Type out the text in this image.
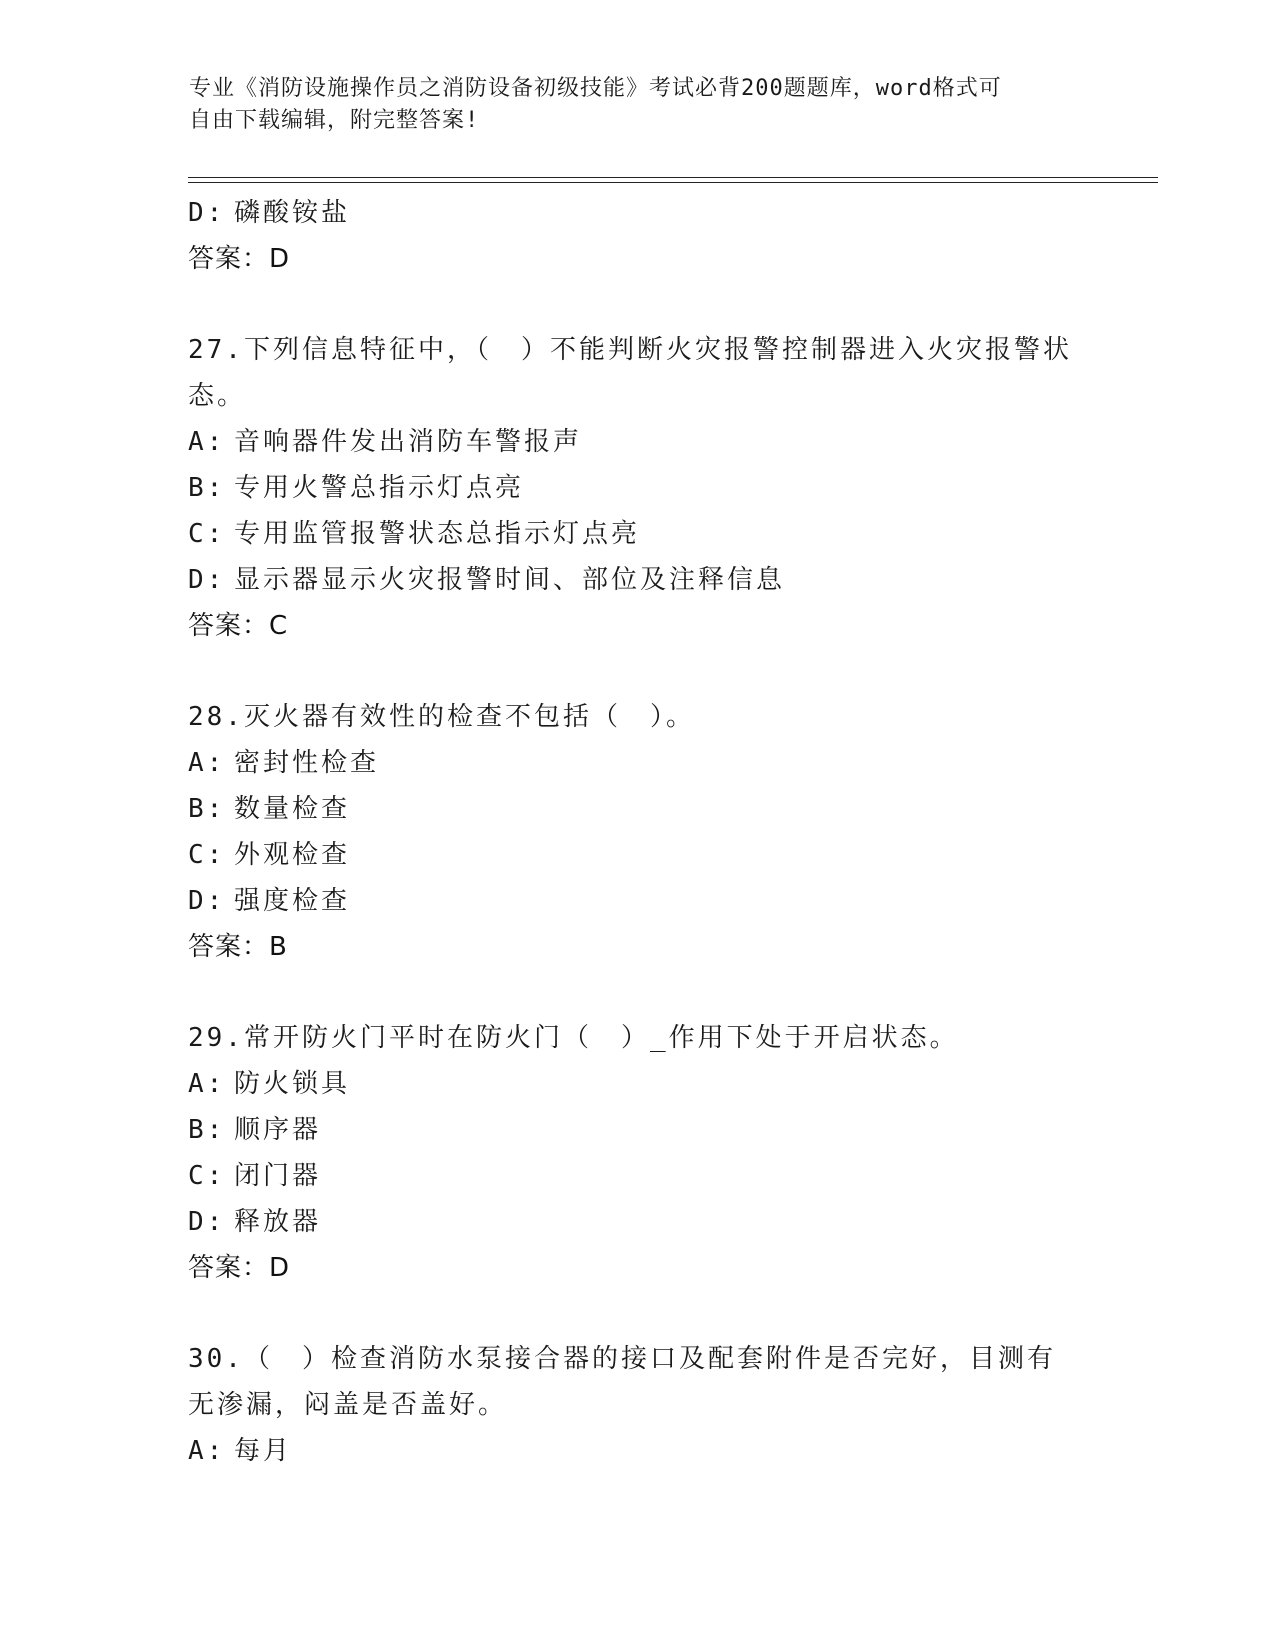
专业《消防设施操作员之消防设备初级技能》考试必背200题题库，word格式可
自由下载编辑，附完整答案!
D: 磷酸铵盐
答案：D
27.下列信息特征中，（　）不能判断火灾报警控制器进入火灾报警状态。
A: 音响器件发出消防车警报声
B: 专用火警总指示灯点亮
C: 专用监管报警状态总指示灯点亮
D: 显示器显示火灾报警时间、部位及注释信息
答案：C
28.灭火器有效性的检查不包括（　）。
A: 密封性检查
B: 数量检查
C: 外观检查
D: 强度检查
答案：B
29.常开防火门平时在防火门（　）_作用下处于开启状态。
A: 防火锁具
B: 顺序器
C: 闭门器
D: 释放器
答案：D
30.（　）检查消防水泵接合器的接口及配套附件是否完好，目测有无渗漏，闷盖是否盖好。
A: 每月
